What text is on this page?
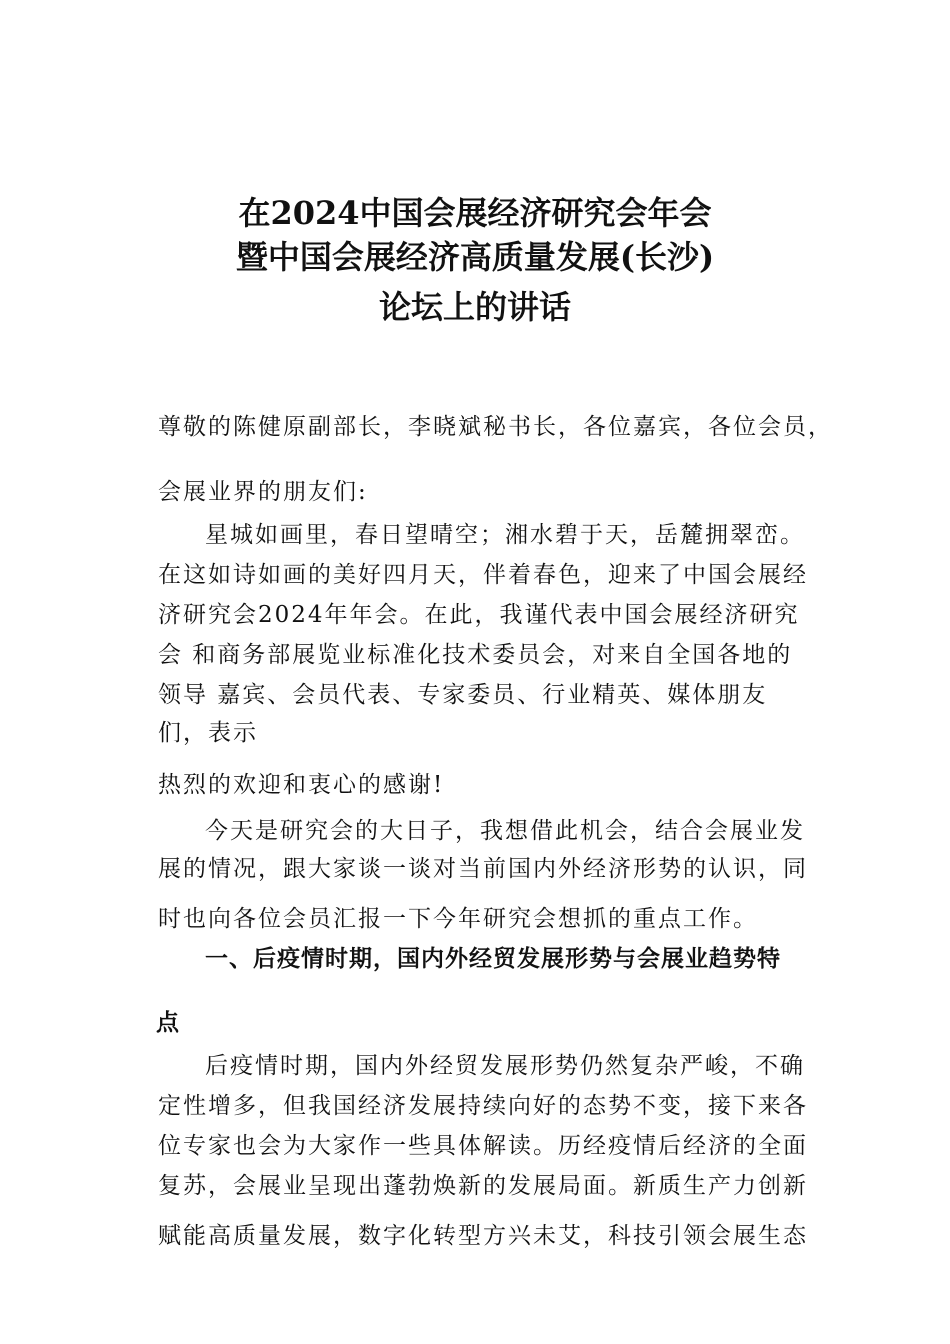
在2024中国会展经济研究会年会
暨中国会展经济高质量发展(长沙)
论坛上的讲话
尊敬的陈健原副部长，李晓斌秘书长，各位嘉宾，各位会员，
会展业界的朋友们:
星城如画里，春日望晴空；湘水碧于天，岳麓拥翠峦。
在这如诗如画的美好四月天，伴着春色，迎来了中国会展经
济研究会2024年年会。在此，我谨代表中国会展经济研究
会 和商务部展览业标准化技术委员会，对来自全国各地的
领导 嘉宾、会员代表、专家委员、行业精英、媒体朋友
们，表示
热烈的欢迎和衷心的感谢!
今天是研究会的大日子，我想借此机会，结合会展业发
展的情况，跟大家谈一谈对当前国内外经济形势的认识，同
时也向各位会员汇报一下今年研究会想抓的重点工作。
一、后疫情时期，国内外经贸发展形势与会展业趋势特
点
后疫情时期，国内外经贸发展形势仍然复杂严峻，不确
定性增多，但我国经济发展持续向好的态势不变，接下来各
位专家也会为大家作一些具体解读。历经疫情后经济的全面
复苏，会展业呈现出蓬勃焕新的发展局面。新质生产力创新
赋能高质量发展，数字化转型方兴未艾，科技引领会展生态
